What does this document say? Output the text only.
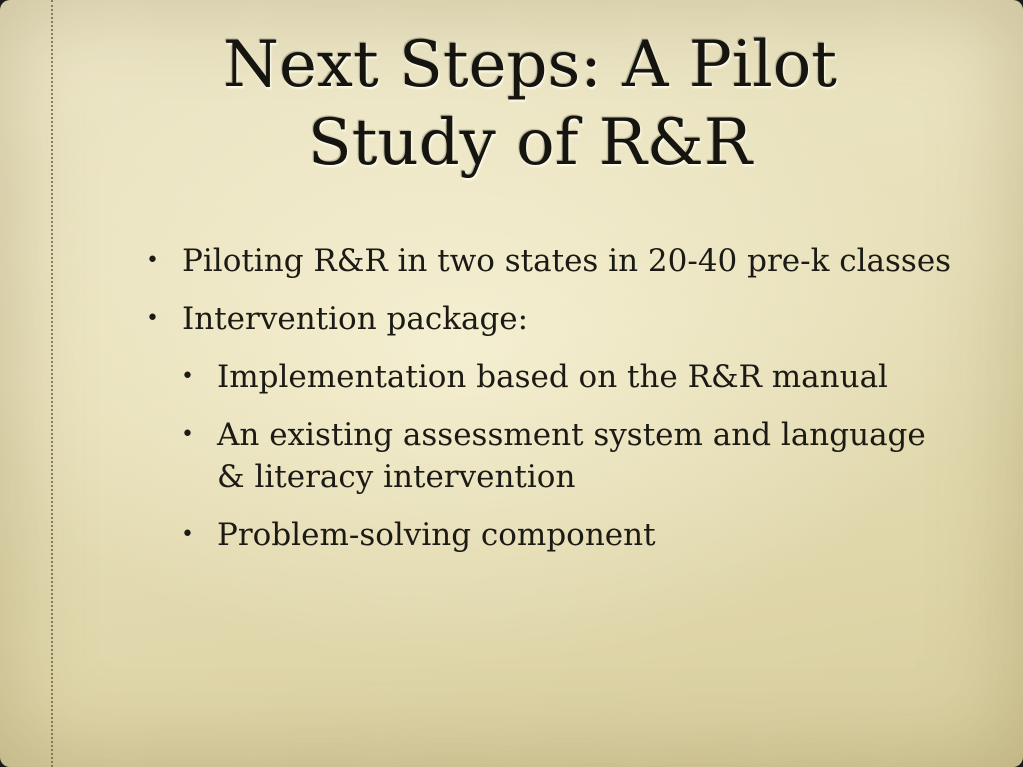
Next Steps: A Pilot
Study of R&R
• Piloting R&R in two states in 20-40 pre-k classes
• Intervention package:
• Implementation based on the R&R manual
• An existing assessment system and language & literacy intervention
• Problem-solving component
